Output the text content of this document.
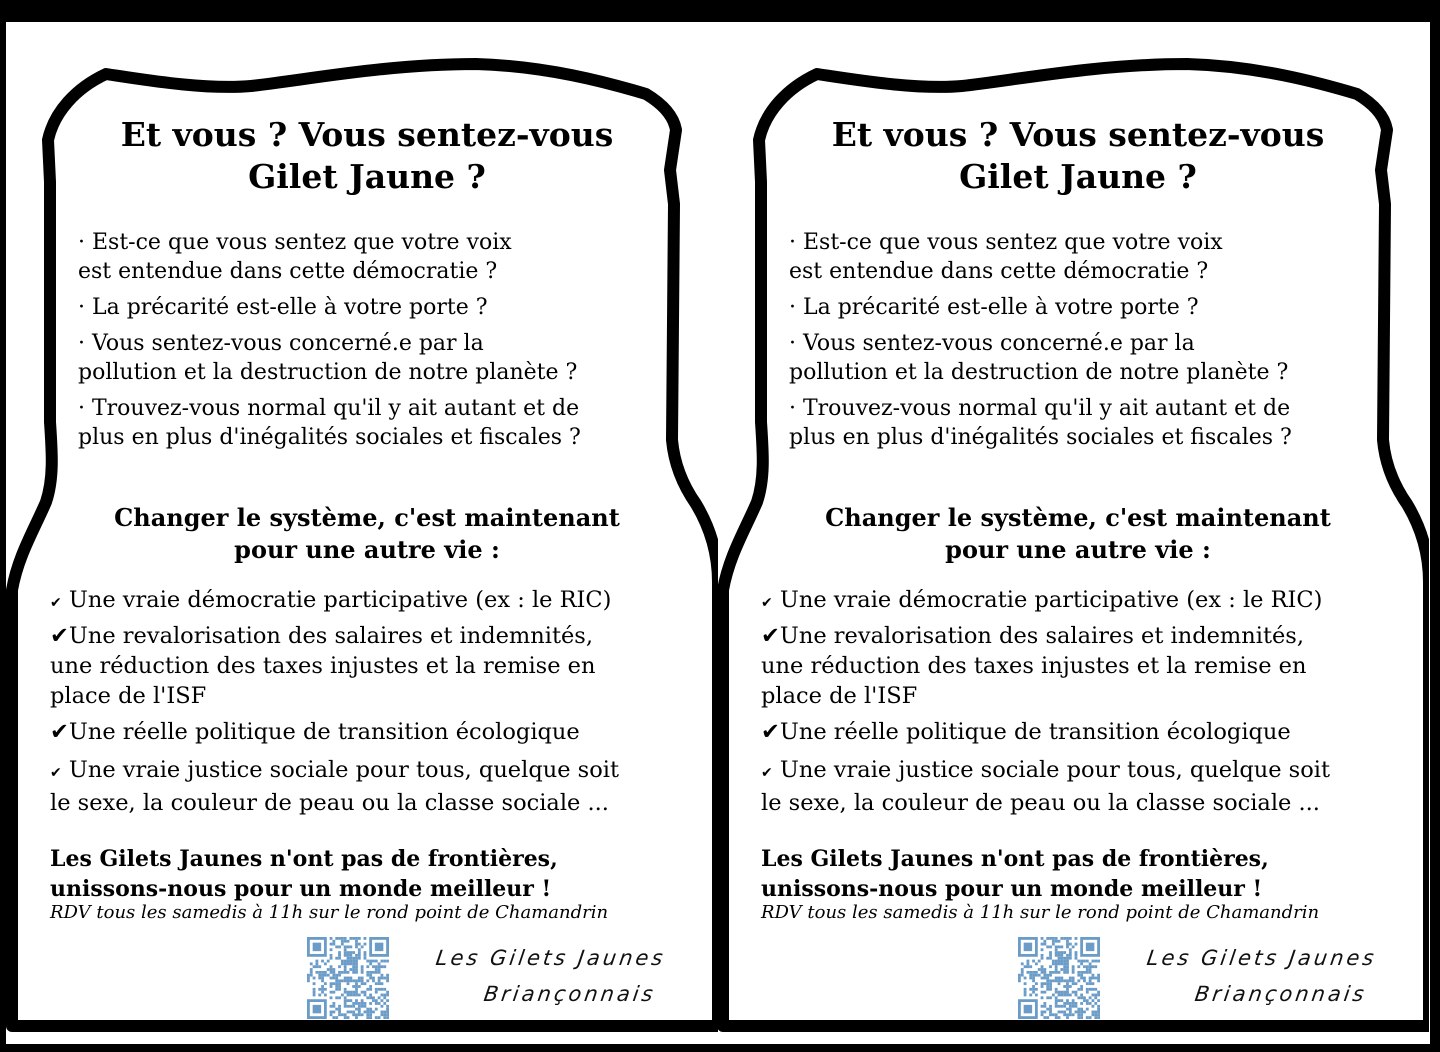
Et vous ? Vous sentez-vous
Gilet Jaune ?
· Est-ce que vous sentez que votre voix
est entendue dans cette démocratie ?
· La précarité est-elle à votre porte ?
· Vous sentez-vous concerné.e par la
pollution et la destruction de notre planète ?
· Trouvez-vous normal qu'il y ait autant et de
plus en plus d'inégalités sociales et fiscales ?
Changer le système, c'est maintenant
pour une autre vie :
✔ Une vraie démocratie participative (ex : le RIC)
✔Une revalorisation des salaires et indemnités,
une réduction des taxes injustes et la remise en
place de l'ISF
✔Une réelle politique de transition écologique
✔ Une vraie justice sociale pour tous, quelque soit
le sexe, la couleur de peau ou la classe sociale ...
Les Gilets Jaunes n'ont pas de frontières,
unissons-nous pour un monde meilleur !
RDV tous les samedis à 11h sur le rond point de Chamandrin
Les Gilets Jaunes
Briançonnais
Et vous ? Vous sentez-vous
Gilet Jaune ?
· Est-ce que vous sentez que votre voix
est entendue dans cette démocratie ?
· La précarité est-elle à votre porte ?
· Vous sentez-vous concerné.e par la
pollution et la destruction de notre planète ?
· Trouvez-vous normal qu'il y ait autant et de
plus en plus d'inégalités sociales et fiscales ?
Changer le système, c'est maintenant
pour une autre vie :
✔ Une vraie démocratie participative (ex : le RIC)
✔Une revalorisation des salaires et indemnités,
une réduction des taxes injustes et la remise en
place de l'ISF
✔Une réelle politique de transition écologique
✔ Une vraie justice sociale pour tous, quelque soit
le sexe, la couleur de peau ou la classe sociale ...
Les Gilets Jaunes n'ont pas de frontières,
unissons-nous pour un monde meilleur !
RDV tous les samedis à 11h sur le rond point de Chamandrin
Les Gilets Jaunes
Briançonnais
